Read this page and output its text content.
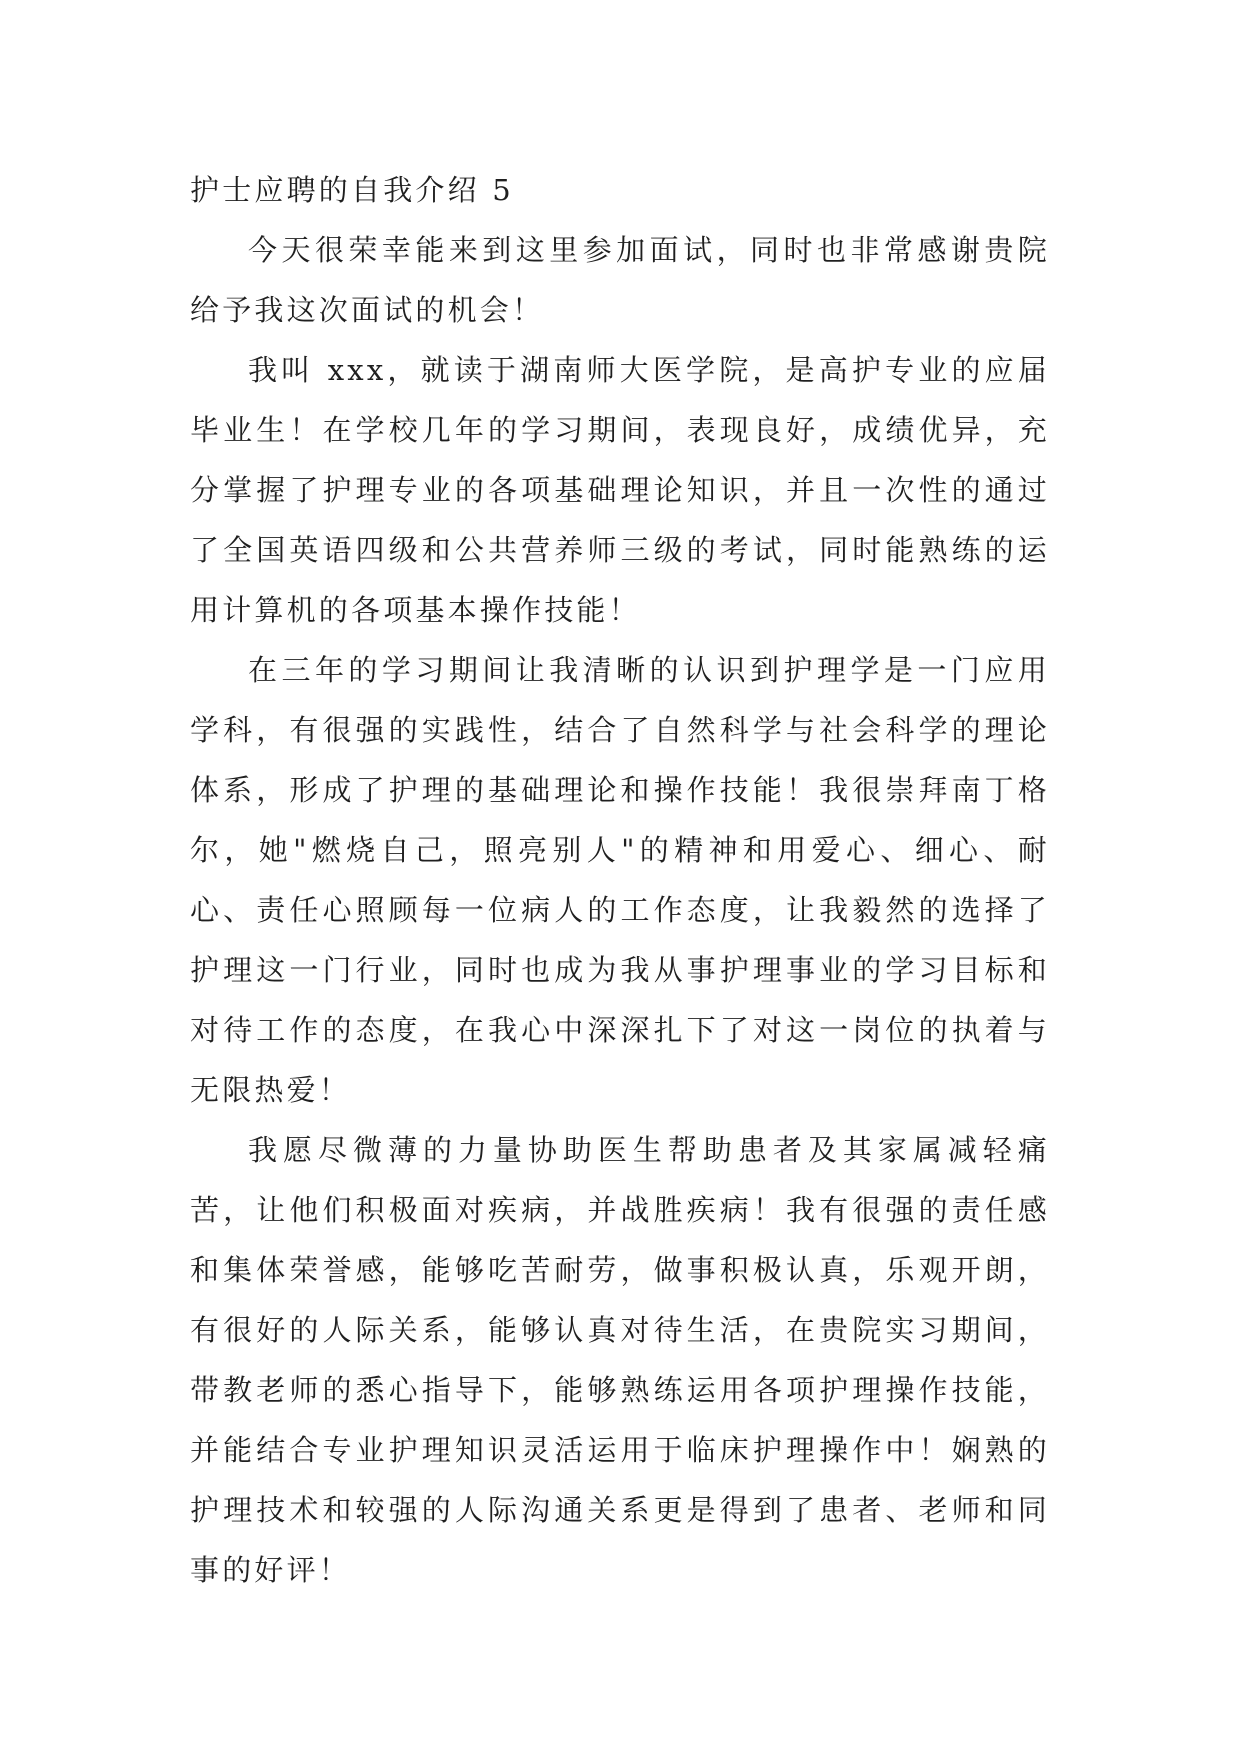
护士应聘的自我介绍 5

今天很荣幸能来到这里参加面试，同时也非常感谢贵院给予我这次面试的机会！

我叫 xxx，就读于湖南师大医学院，是高护专业的应届毕业生！在学校几年的学习期间，表现良好，成绩优异，充分掌握了护理专业的各项基础理论知识，并且一次性的通过了全国英语四级和公共营养师三级的考试，同时能熟练的运用计算机的各项基本操作技能！

在三年的学习期间让我清晰的认识到护理学是一门应用学科，有很强的实践性，结合了自然科学与社会科学的理论体系，形成了护理的基础理论和操作技能！我很崇拜南丁格尔，她"燃烧自己，照亮别人"的精神和用爱心、细心、耐心、责任心照顾每一位病人的工作态度，让我毅然的选择了护理这一门行业，同时也成为我从事护理事业的学习目标和对待工作的态度，在我心中深深扎下了对这一岗位的执着与无限热爱！

我愿尽微薄的力量协助医生帮助患者及其家属减轻痛苦，让他们积极面对疾病，并战胜疾病！我有很强的责任感和集体荣誉感，能够吃苦耐劳，做事积极认真，乐观开朗，有很好的人际关系，能够认真对待生活，在贵院实习期间，带教老师的悉心指导下，能够熟练运用各项护理操作技能，并能结合专业护理知识灵活运用于临床护理操作中！娴熟的护理技术和较强的人际沟通关系更是得到了患者、老师和同事的好评！
